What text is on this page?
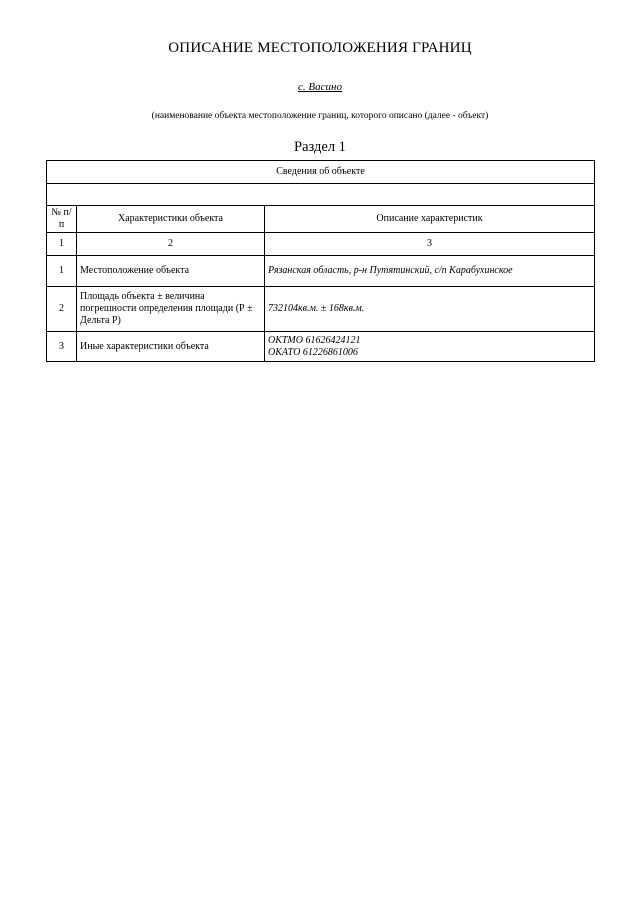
ОПИСАНИЕ МЕСТОПОЛОЖЕНИЯ ГРАНИЦ
с. Васино
(наименование объекта местоположение границ, которого описано (далее - объект)
Раздел 1
Сведения об объекте		

№ п/п	Характеристики объекта	Описание характеристик
1	2	3
1	Местоположение объекта	Рязанская область, р-н Путятинский, с/п Карабухинское
2	Площадь объекта ± величина погрешности определения площади (Р ± Дельта Р)	732104кв.м. ± 168кв.м.
3	Иные характеристики объекта	ОКТМО 61626424121
ОКАТО 61226861006
